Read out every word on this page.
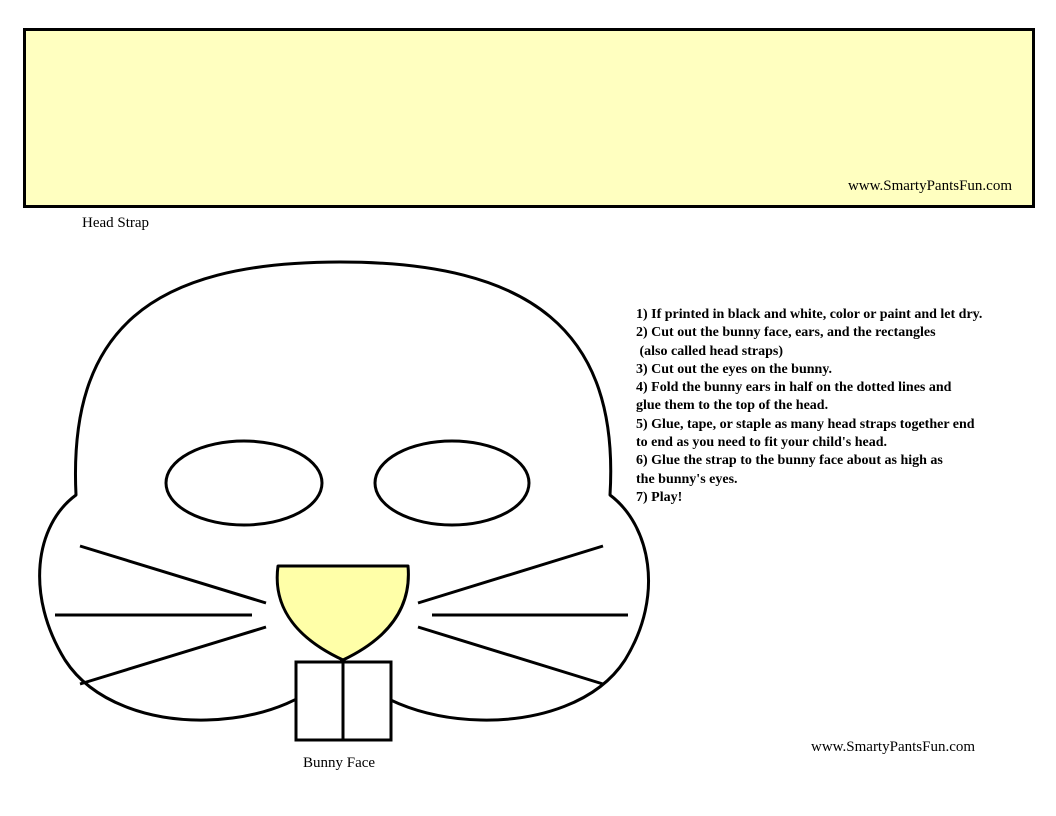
www.SmartyPantsFun.com
Head Strap
Bunny Face
www.SmartyPantsFun.com
1) If printed in black and white, color or paint and let dry.
2) Cut out the bunny face, ears, and the rectangles
(also called head straps)
3) Cut out the eyes on the bunny.
4) Fold the bunny ears in half on the dotted lines and
glue them to the top of the head.
5) Glue, tape, or staple as many head straps together end
to end as you need to fit your child's head.
6) Glue the strap to the bunny face about as high as
the bunny's eyes.
7) Play!
